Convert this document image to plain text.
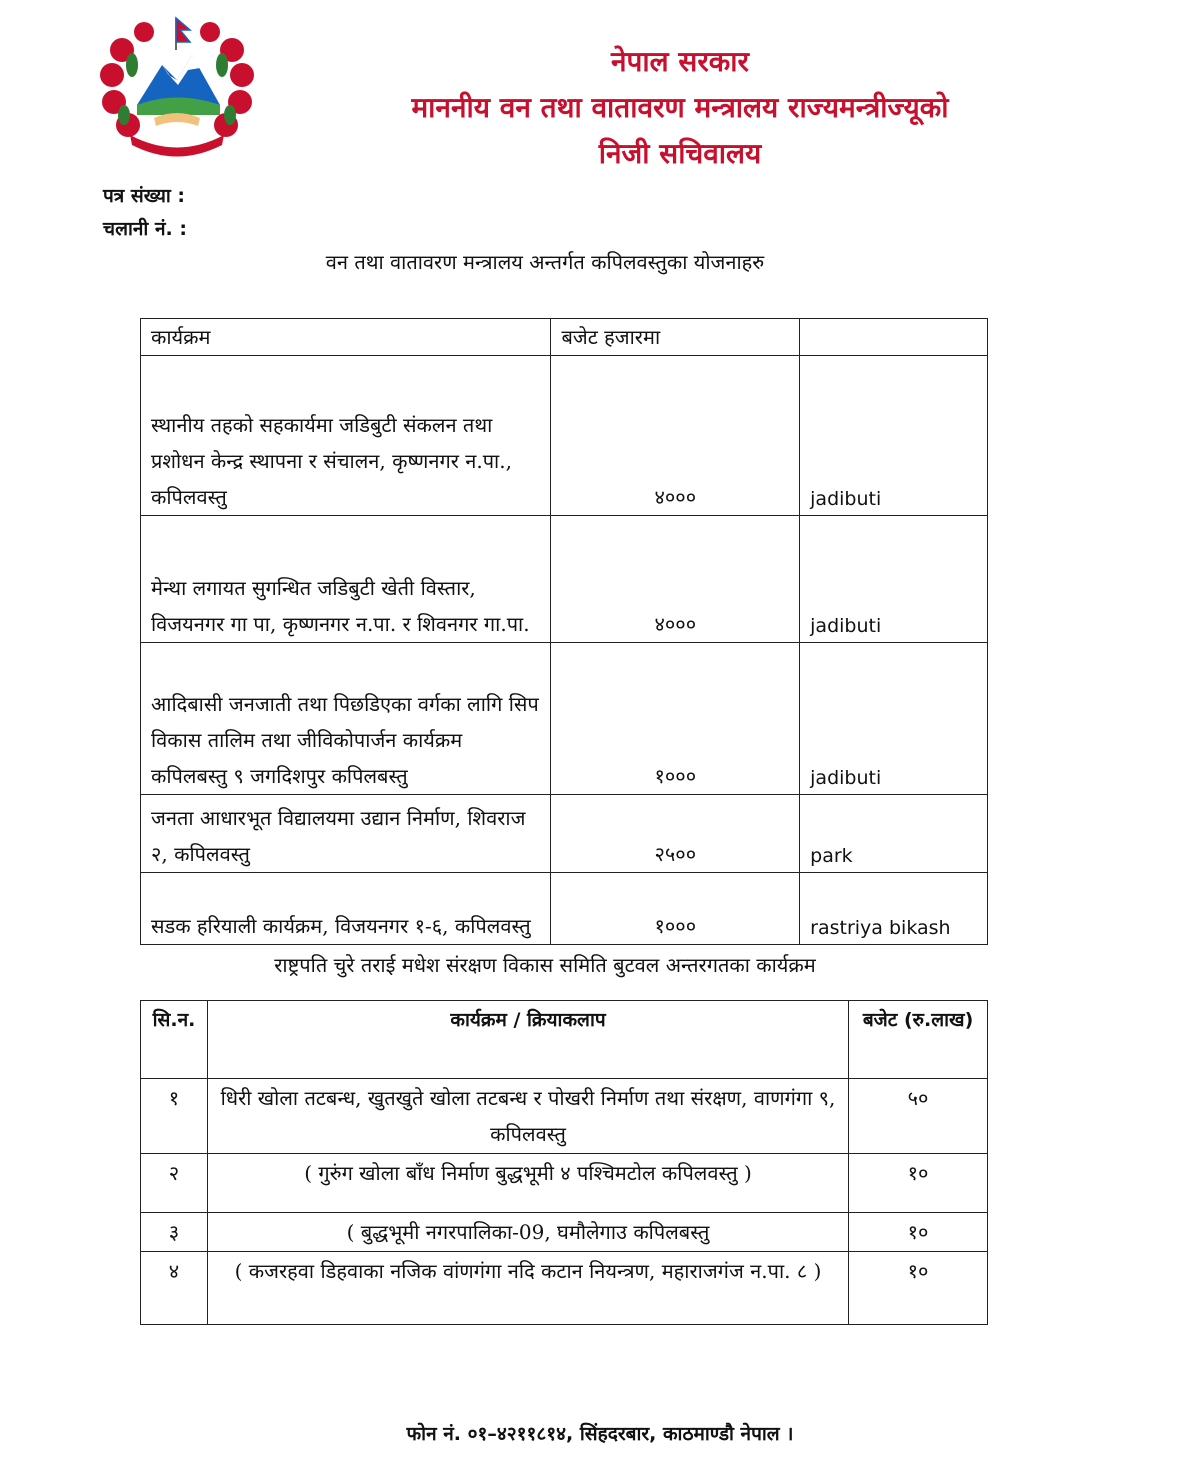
नेपाल सरकार
माननीय वन तथा वातावरण मन्त्रालय राज्यमन्त्रीज्यूको
निजी सचिवालय
पत्र संख्या :
चलानी नं. :
वन तथा वातावरण मन्त्रालय अन्तर्गत कपिलवस्तुका योजनाहरु
कार्यक्रम	बजेट हजारमा	
स्थानीय तहको सहकार्यमा जडिबुटी संकलन तथा प्रशोधन केन्द्र स्थापना र संचालन, कृष्णनगर न.पा., कपिलवस्तु	४०००	jadibuti
मेन्था लगायत सुगन्धित जडिबुटी खेती विस्तार, विजयनगर गा पा, कृष्णनगर न.पा. र शिवनगर गा.पा.	४०००	jadibuti
आदिबासी जनजाती तथा पिछडिएका वर्गका लागि सिप विकास तालिम तथा जीविकोपार्जन कार्यक्रम कपिलबस्तु ९ जगदिशपुर कपिलबस्तु	१०००	jadibuti
जनता आधारभूत विद्यालयमा उद्यान निर्माण, शिवराज २, कपिलवस्तु	२५००	park
सडक हरियाली कार्यक्रम, विजयनगर १-६, कपिलवस्तु	१०००	rastriya bikash
राष्ट्रपति चुरे तराई मधेश संरक्षण विकास समिति बुटवल अन्तरगतका कार्यक्रम
सि.न.	कार्यक्रम / क्रियाकलाप	बजेट (रु.लाख)
१	धिरी खोला तटबन्ध, खुतखुते खोला तटबन्ध र पोखरी निर्माण तथा संरक्षण, वाणगंगा ९, कपिलवस्तु	५०
२	( गुरुंग खोला बाँध निर्माण बुद्धभूमी ४ पश्चिमटोल कपिलवस्तु )	१०
३	( बुद्धभूमी नगरपालिका-09, घमौलेगाउ कपिलबस्तु	१०
४	( कजरहवा डिहवाका नजिक वांणगंगा नदि कटान नियन्त्रण, महाराजगंज न.पा. ८ )	१०
फोन नं. ०१–४२११८१४, सिंहदरबार, काठमाण्डौ नेपाल ।
